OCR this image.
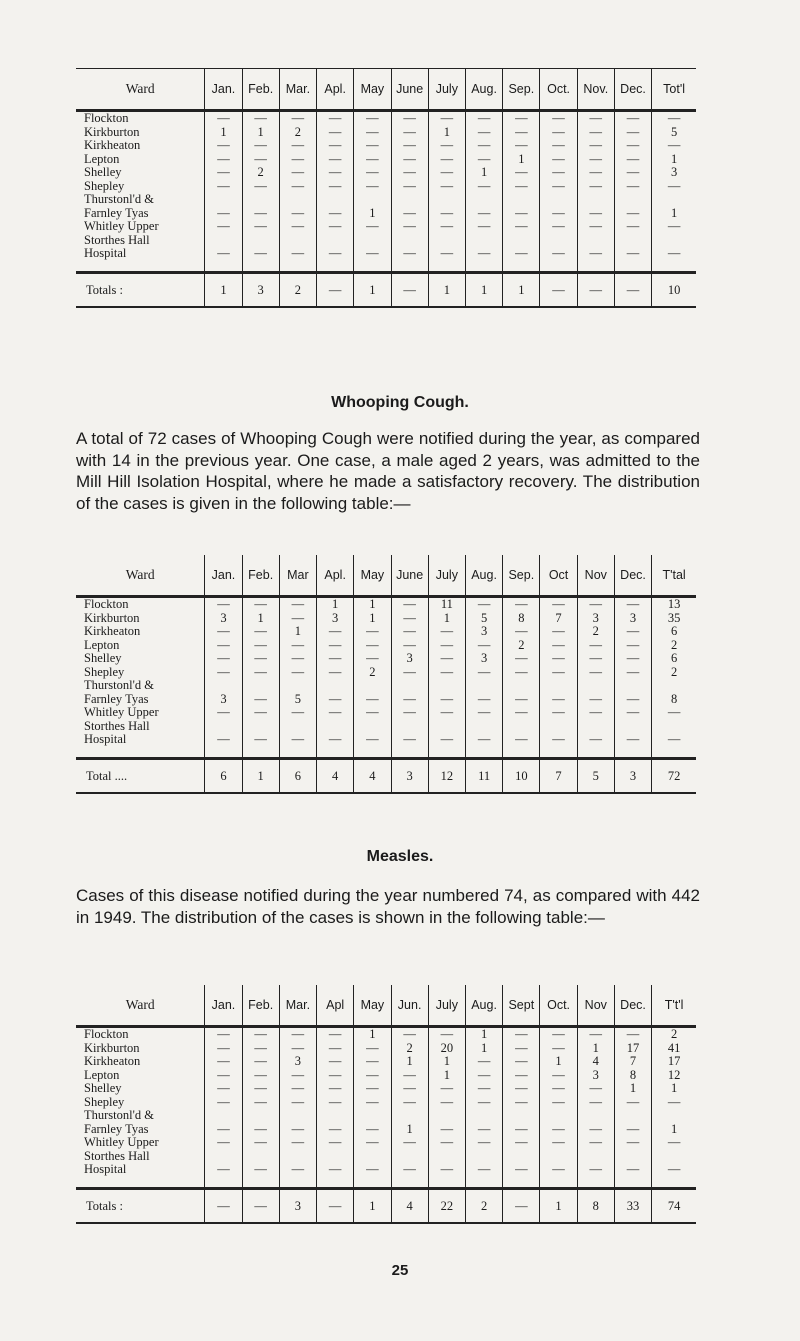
Ward	Jan.	Feb.	Mar.	Apl.	May	June	July	Aug.	Sep.	Oct.	Nov.	Dec.	Tot'l
Flockton	—	—	—	—	—	—	—	—	—	—	—	—	—
Kirkburton	1	1	2	—	—	—	1	—	—	—	—	—	5
Kirkheaton	—	—	—	—	—	—	—	—	—	—	—	—	—
Lepton	—	—	—	—	—	—	—	—	1	—	—	—	1
Shelley	—	2	—	—	—	—	—	1	—	—	—	—	3
Shepley	—	—	—	—	—	—	—	—	—	—	—	—	—
Thurstonl'd &													
Farnley Tyas	—	—	—	—	1	—	—	—	—	—	—	—	1
Whitley Upper	—	—	—	—	—	—	—	—	—	—	—	—	—
Storthes Hall													
Hospital	—	—	—	—	—	—	—	—	—	—	—	—	—

Totals :	1	3	2	—	1	—	1	1	1	—	—	—	10
Whooping Cough.

A total of 72 cases of Whooping Cough were notified during the year, as compared with 14 in the previous year. One case, a male aged 2 years, was admitted to the Mill Hill Isolation Hospital, where he made a satisfactory recovery. The distribution of the cases is given in the following table:—

Ward	Jan.	Feb.	Mar	Apl.	May	June	July	Aug.	Sep.	Oct	Nov	Dec.	T'tal
Flockton	—	—	—	1	1	—	11	—	—	—	—	—	13
Kirkburton	3	1	—	3	1	—	1	5	8	7	3	3	35
Kirkheaton	—	—	1	—	—	—	—	3	—	—	2	—	6
Lepton	—	—	—	—	—	—	—	—	2	—	—	—	2
Shelley	—	—	—	—	—	3	—	3	—	—	—	—	6
Shepley	—	—	—	—	2	—	—	—	—	—	—	—	2
Thurstonl'd &													
Farnley Tyas	3	—	5	—	—	—	—	—	—	—	—	—	8
Whitley Upper	—	—	—	—	—	—	—	—	—	—	—	—	—
Storthes Hall													
Hospital	—	—	—	—	—	—	—	—	—	—	—	—	—

Total ....	6	1	6	4	4	3	12	11	10	7	5	3	72
Measles.

Cases of this disease notified during the year numbered 74, as compared with 442 in 1949. The distribution of the cases is shown in the following table:—

Ward	Jan.	Feb.	Mar.	Apl	May	Jun.	July	Aug.	Sept	Oct.	Nov	Dec.	T't'l
Flockton	—	—	—	—	1	—	—	1	—	—	—	—	2
Kirkburton	—	—	—	—	—	2	20	1	—	—	1	17	41
Kirkheaton	—	—	3	—	—	1	1	—	—	1	4	7	17
Lepton	—	—	—	—	—	—	1	—	—	—	3	8	12
Shelley	—	—	—	—	—	—	—	—	—	—	—	1	1
Shepley	—	—	—	—	—	—	—	—	—	—	—	—	—
Thurstonl'd &													
Farnley Tyas	—	—	—	—	—	1	—	—	—	—	—	—	1
Whitley Upper	—	—	—	—	—	—	—	—	—	—	—	—	—
Storthes Hall													
Hospital	—	—	—	—	—	—	—	—	—	—	—	—	—

Totals :	—	—	3	—	1	4	22	2	—	1	8	33	74
25
